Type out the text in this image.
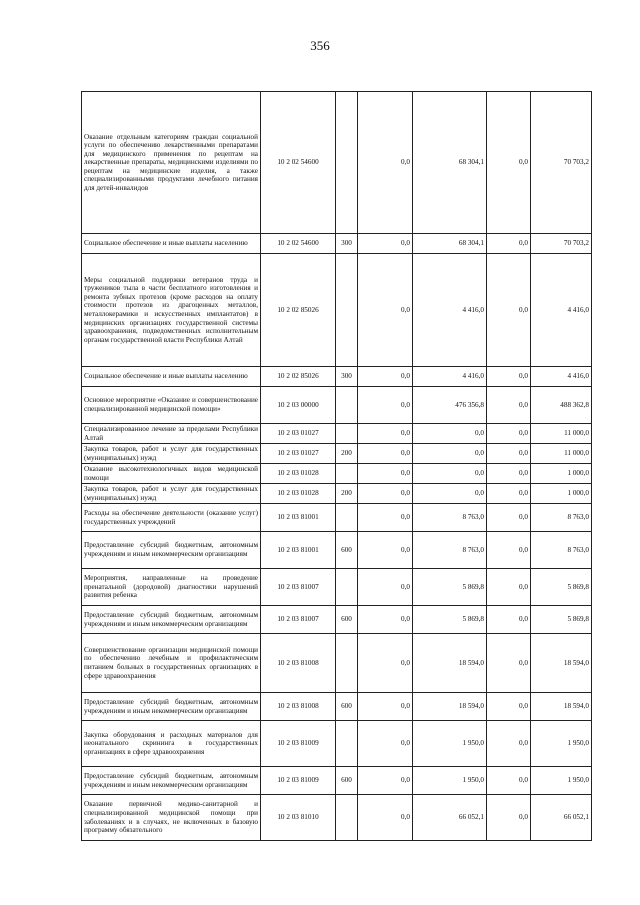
356
Оказание отдельным категориям граждан социальной услуги по обеспечению лекарственными препаратами для медицинского применения по рецептам на лекарственные препараты, медицинскими изделиями по рецептам на медицинские изделия, а также специализированными продуктами лечебного питания для детей-инвалидов	10 2 02 54600		0,0	68 304,1	0,0	70 703,2
Социальное обеспечение и иные выплаты населению	10 2 02 54600	300	0,0	68 304,1	0,0	70 703,2
Меры социальной поддержки ветеранов труда и тружеников тыла в части бесплатного изготовления и ремонта зубных протезов (кроме расходов на оплату стоимости протезов из драгоценных металлов, металлокерамики и искусственных имплантатов) в медицинских организациях государственной системы здравоохранения, подведомственных исполнительным органам государственной власти Республики Алтай	10 2 02 85026		0,0	4 416,0	0,0	4 416,0
Социальное обеспечение и иные выплаты населению	10 2 02 85026	300	0,0	4 416,0	0,0	4 416,0
Основное мероприятие «Оказание и совершенствование специализированной медицинской помощи»	10 2 03 00000		0,0	476 356,8	0,0	488 362,8
Специализированное лечение за пределами Республики Алтай	10 2 03 01027		0,0	0,0	0,0	11 000,0
Закупка товаров, работ и услуг для государственных (муниципальных) нужд	10 2 03 01027	200	0,0	0,0	0,0	11 000,0
Оказание высокотехнологичных видов медицинской помощи	10 2 03 01028		0,0	0,0	0,0	1 000,0
Закупка товаров, работ и услуг для государственных (муниципальных) нужд	10 2 03 01028	200	0,0	0,0	0,0	1 000,0
Расходы на обеспечение деятельности (оказание услуг) государственных учреждений	10 2 03 81001		0,0	8 763,0	0,0	8 763,0
Предоставление субсидий бюджетным, автономным учреждениям и иным некоммерческим организациям	10 2 03 81001	600	0,0	8 763,0	0,0	8 763,0
Мероприятия, направленные на проведение пренатальной (дородовой) диагностики нарушений развития ребенка	10 2 03 81007		0,0	5 869,8	0,0	5 869,8
Предоставление субсидий бюджетным, автономным учреждениям и иным некоммерческим организациям	10 2 03 81007	600	0,0	5 869,8	0,0	5 869,8
Совершенствование организации медицинской помощи по обеспечению лечебным и профилактическим питанием больных в государственных организациях в сфере здравоохранения	10 2 03 81008		0,0	18 594,0	0,0	18 594,0
Предоставление субсидий бюджетным, автономным учреждениям и иным некоммерческим организациям	10 2 03 81008	600	0,0	18 594,0	0,0	18 594,0
Закупка оборудования и расходных материалов для неонатального скрининга в государственных организациях в сфере здравоохранения	10 2 03 81009		0,0	1 950,0	0,0	1 950,0
Предоставление субсидий бюджетным, автономным учреждениям и иным некоммерческим организациям	10 2 03 81009	600	0,0	1 950,0	0,0	1 950,0
Оказание первичной медико-санитарной и специализированной медицинской помощи при заболеваниях и в случаях, не включенных в базовую программу обязательного	10 2 03 81010		0,0	66 052,1	0,0	66 052,1
